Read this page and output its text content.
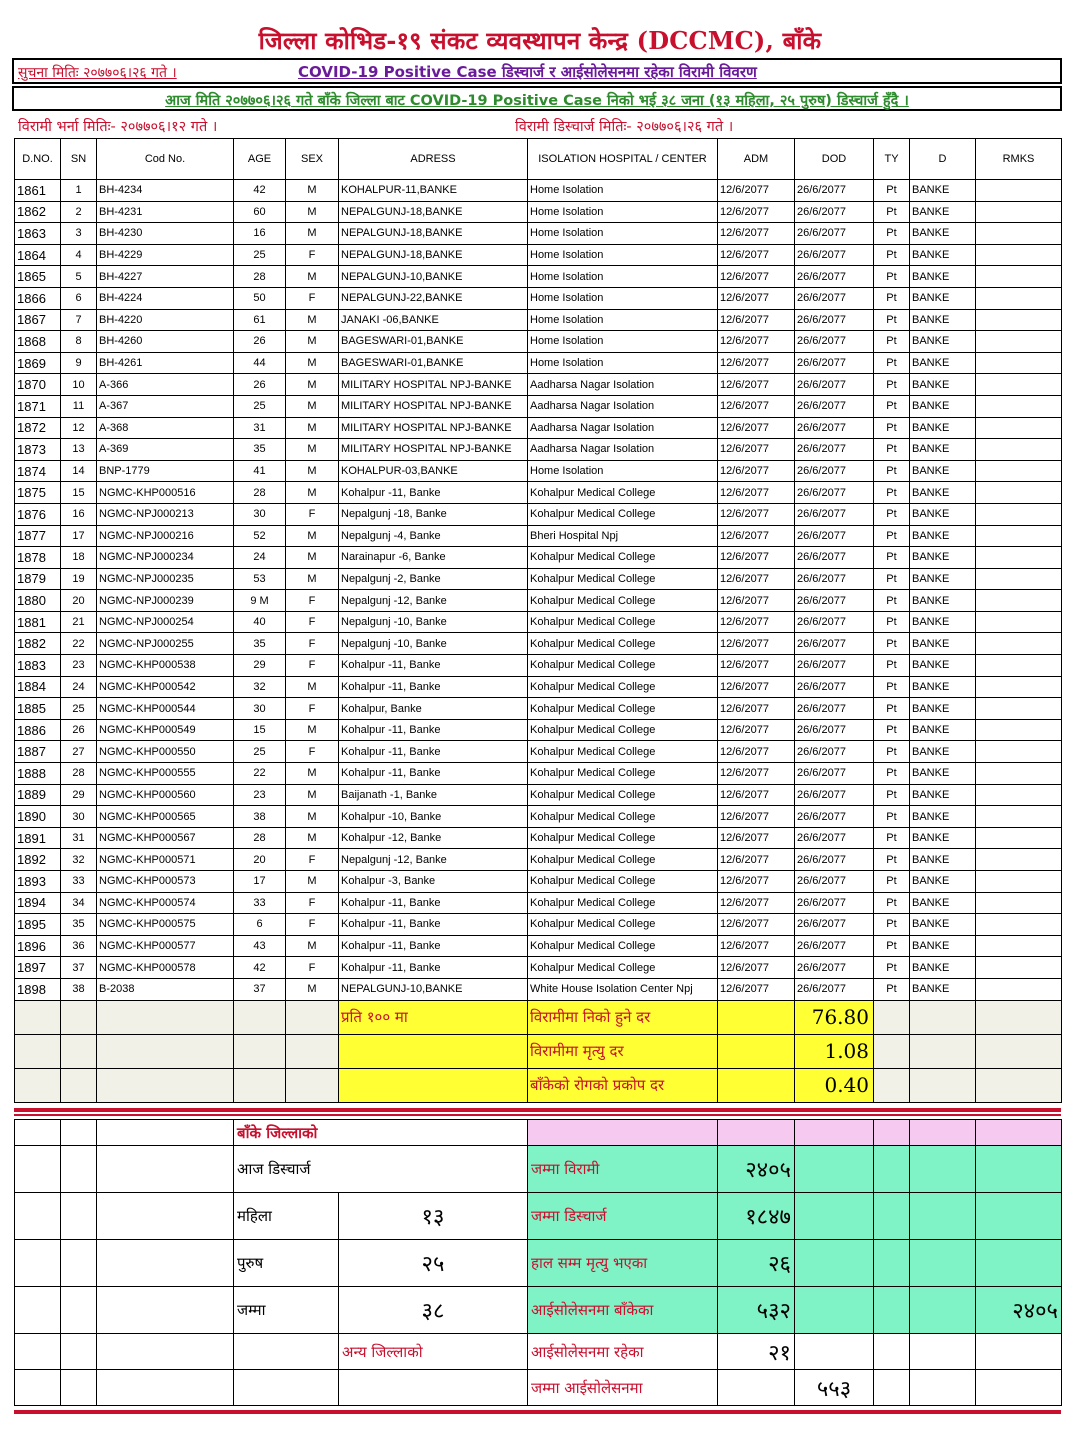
जिल्ला कोभिड-१९ संकट व्यवस्थापन केन्द्र (DCCMC), बाँके
सुचना मितिः २०७७०६।२६ गते ।	COVID-19 Positive Case डिस्चार्ज र आईसोलेसनमा रहेका विरामी विवरण
आज मिति २०७७०६।२६ गते बाँके जिल्ला बाट COVID-19 Positive Case निको भई ३८ जना (१३ महिला, २५ पुरुष) डिस्चार्ज हुँदै ।
विरामी भर्ना मितिः- २०७७०६।१२ गते ।	विरामी डिस्चार्ज मितिः- २०७७०६।२६ गते ।
D.NO.	SN	Cod No.	AGE	SEX	ADRESS	ISOLATION HOSPITAL / CENTER	ADM	DOD	TY	D	RMKS
1861	1	BH-4234	42	M	KOHALPUR-11,BANKE	Home Isolation	12/6/2077	26/6/2077	Pt	BANKE	
1862	2	BH-4231	60	M	NEPALGUNJ-18,BANKE	Home Isolation	12/6/2077	26/6/2077	Pt	BANKE	
1863	3	BH-4230	16	M	NEPALGUNJ-18,BANKE	Home Isolation	12/6/2077	26/6/2077	Pt	BANKE	
1864	4	BH-4229	25	F	NEPALGUNJ-18,BANKE	Home Isolation	12/6/2077	26/6/2077	Pt	BANKE	
1865	5	BH-4227	28	M	NEPALGUNJ-10,BANKE	Home Isolation	12/6/2077	26/6/2077	Pt	BANKE	
1866	6	BH-4224	50	F	NEPALGUNJ-22,BANKE	Home Isolation	12/6/2077	26/6/2077	Pt	BANKE	
1867	7	BH-4220	61	M	JANAKI -06,BANKE	Home Isolation	12/6/2077	26/6/2077	Pt	BANKE	
1868	8	BH-4260	26	M	BAGESWARI-01,BANKE	Home Isolation	12/6/2077	26/6/2077	Pt	BANKE	
1869	9	BH-4261	44	M	BAGESWARI-01,BANKE	Home Isolation	12/6/2077	26/6/2077	Pt	BANKE	
1870	10	A-366	26	M	MILITARY HOSPITAL NPJ-BANKE	Aadharsa Nagar Isolation	12/6/2077	26/6/2077	Pt	BANKE	
1871	11	A-367	25	M	MILITARY HOSPITAL NPJ-BANKE	Aadharsa Nagar Isolation	12/6/2077	26/6/2077	Pt	BANKE	
1872	12	A-368	31	M	MILITARY HOSPITAL NPJ-BANKE	Aadharsa Nagar Isolation	12/6/2077	26/6/2077	Pt	BANKE	
1873	13	A-369	35	M	MILITARY HOSPITAL NPJ-BANKE	Aadharsa Nagar Isolation	12/6/2077	26/6/2077	Pt	BANKE	
1874	14	BNP-1779	41	M	KOHALPUR-03,BANKE	Home Isolation	12/6/2077	26/6/2077	Pt	BANKE	
1875	15	NGMC-KHP000516	28	M	Kohalpur -11, Banke	Kohalpur Medical College	12/6/2077	26/6/2077	Pt	BANKE	
1876	16	NGMC-NPJ000213	30	F	Nepalgunj -18, Banke	Kohalpur Medical College	12/6/2077	26/6/2077	Pt	BANKE	
1877	17	NGMC-NPJ000216	52	M	Nepalgunj -4, Banke	Bheri Hospital Npj	12/6/2077	26/6/2077	Pt	BANKE	
1878	18	NGMC-NPJ000234	24	M	Narainapur -6, Banke	Kohalpur Medical College	12/6/2077	26/6/2077	Pt	BANKE	
1879	19	NGMC-NPJ000235	53	M	Nepalgunj -2, Banke	Kohalpur Medical College	12/6/2077	26/6/2077	Pt	BANKE	
1880	20	NGMC-NPJ000239	9 M	F	Nepalgunj -12, Banke	Kohalpur Medical College	12/6/2077	26/6/2077	Pt	BANKE	
1881	21	NGMC-NPJ000254	40	F	Nepalgunj -10, Banke	Kohalpur Medical College	12/6/2077	26/6/2077	Pt	BANKE	
1882	22	NGMC-NPJ000255	35	F	Nepalgunj -10, Banke	Kohalpur Medical College	12/6/2077	26/6/2077	Pt	BANKE	
1883	23	NGMC-KHP000538	29	F	Kohalpur -11, Banke	Kohalpur Medical College	12/6/2077	26/6/2077	Pt	BANKE	
1884	24	NGMC-KHP000542	32	M	Kohalpur -11, Banke	Kohalpur Medical College	12/6/2077	26/6/2077	Pt	BANKE	
1885	25	NGMC-KHP000544	30	F	Kohalpur, Banke	Kohalpur Medical College	12/6/2077	26/6/2077	Pt	BANKE	
1886	26	NGMC-KHP000549	15	M	Kohalpur -11, Banke	Kohalpur Medical College	12/6/2077	26/6/2077	Pt	BANKE	
1887	27	NGMC-KHP000550	25	F	Kohalpur -11, Banke	Kohalpur Medical College	12/6/2077	26/6/2077	Pt	BANKE	
1888	28	NGMC-KHP000555	22	M	Kohalpur -11, Banke	Kohalpur Medical College	12/6/2077	26/6/2077	Pt	BANKE	
1889	29	NGMC-KHP000560	23	M	Baijanath -1, Banke	Kohalpur Medical College	12/6/2077	26/6/2077	Pt	BANKE	
1890	30	NGMC-KHP000565	38	M	Kohalpur -10, Banke	Kohalpur Medical College	12/6/2077	26/6/2077	Pt	BANKE	
1891	31	NGMC-KHP000567	28	M	Kohalpur -12, Banke	Kohalpur Medical College	12/6/2077	26/6/2077	Pt	BANKE	
1892	32	NGMC-KHP000571	20	F	Nepalgunj -12, Banke	Kohalpur Medical College	12/6/2077	26/6/2077	Pt	BANKE	
1893	33	NGMC-KHP000573	17	M	Kohalpur -3, Banke	Kohalpur Medical College	12/6/2077	26/6/2077	Pt	BANKE	
1894	34	NGMC-KHP000574	33	F	Kohalpur -11, Banke	Kohalpur Medical College	12/6/2077	26/6/2077	Pt	BANKE	
1895	35	NGMC-KHP000575	6	F	Kohalpur -11, Banke	Kohalpur Medical College	12/6/2077	26/6/2077	Pt	BANKE	
1896	36	NGMC-KHP000577	43	M	Kohalpur -11, Banke	Kohalpur Medical College	12/6/2077	26/6/2077	Pt	BANKE	
1897	37	NGMC-KHP000578	42	F	Kohalpur -11, Banke	Kohalpur Medical College	12/6/2077	26/6/2077	Pt	BANKE	
1898	38	B-2038	37	M	NEPALGUNJ-10,BANKE	White House Isolation Center Npj	12/6/2077	26/6/2077	Pt	BANKE	
					प्रति १०० मा	विरामीमा निको हुने दर		76.80			
						विरामीमा मृत्यु दर		1.08			
						बाँकेको रोगको प्रकोप दर		0.40			
			बाँके जिल्लाको							
			आज डिस्चार्ज		जम्मा विरामी	२४०५				
			महिला	१३	जम्मा डिस्चार्ज	१८४७				
			पुरुष	२५	हाल सम्म मृत्यु भएका	२६				
			जम्मा	३८	आईसोलेसनमा बाँकेका	५३२				२४०५
				अन्य जिल्लाको	आईसोलेसनमा रहेका	२१				
					जम्मा आईसोलेसनमा		५५३			
